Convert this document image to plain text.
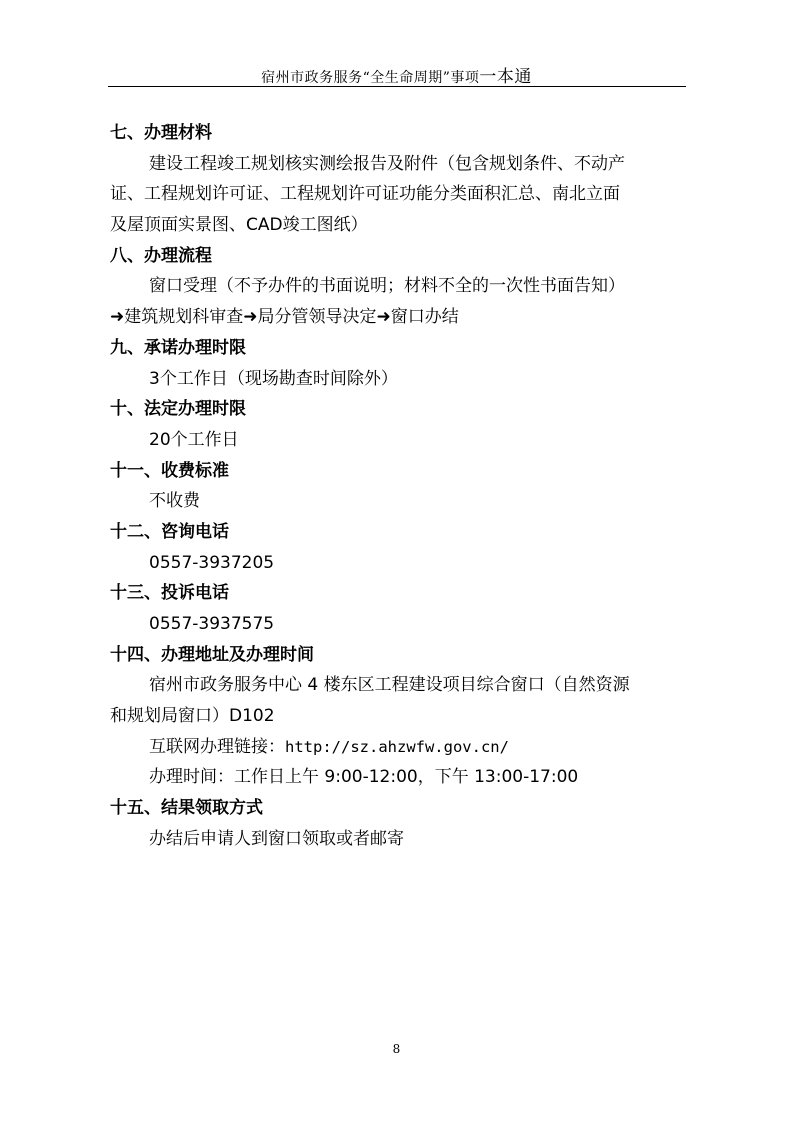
宿州市政务服务“全生命周期”事项一本通
七、办理材料
建设工程竣工规划核实测绘报告及附件（包含规划条件、不动产
证、工程规划许可证、工程规划许可证功能分类面积汇总、南北立面
及屋顶面实景图、CAD竣工图纸）
八、办理流程
窗口受理（不予办件的书面说明；材料不全的一次性书面告知）
➜建筑规划科审查➜局分管领导决定➜窗口办结
九、承诺办理时限
3个工作日（现场勘查时间除外）
十、法定办理时限
20个工作日
十一、收费标准
不收费
十二、咨询电话
0557-3937205
十三、投诉电话
0557-3937575
十四、办理地址及办理时间
宿州市政务服务中心 4 楼东区工程建设项目综合窗口（自然资源
和规划局窗口）D102
互联网办理链接：http://sz.ahzwfw.gov.cn/
办理时间：工作日上午 9:00-12:00，下午 13:00-17:00
十五、结果领取方式
办结后申请人到窗口领取或者邮寄
8
